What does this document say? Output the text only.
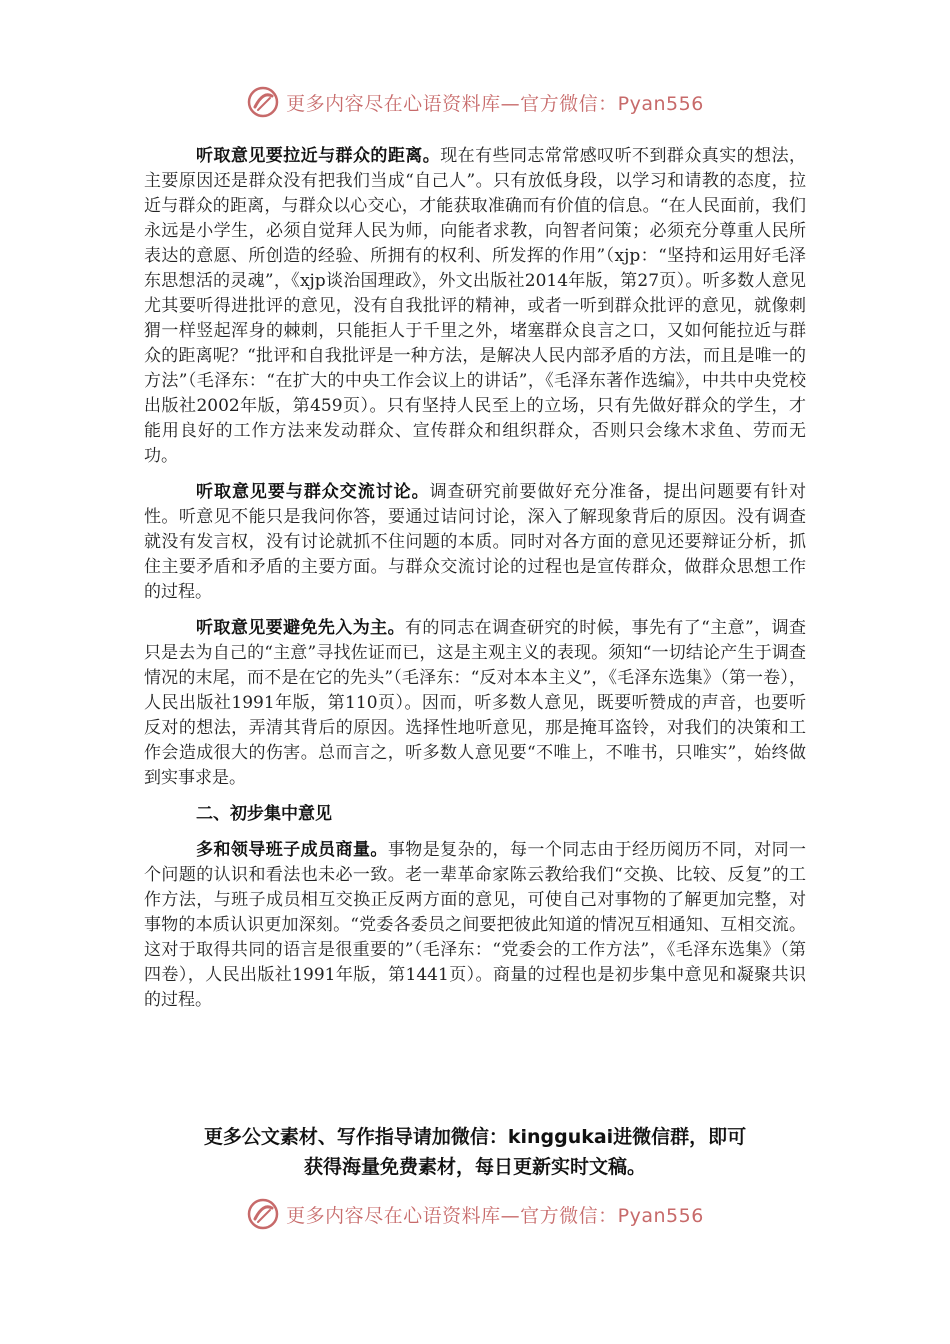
更多内容尽在心语资料库—官方微信：Pyan556

听取意见要拉近与群众的距离。现在有些同志常常感叹听不到群众真实的想法，主要原因还是群众没有把我们当成“自己人”。只有放低身段，以学习和请教的态度，拉近与群众的距离，与群众以心交心，才能获取准确而有价值的信息。“在人民面前，我们永远是小学生，必须自觉拜人民为师，向能者求教，向智者问策；必须充分尊重人民所表达的意愿、所创造的经验、所拥有的权利、所发挥的作用”（xjp：“坚持和运用好毛泽东思想活的灵魂”，《xjp谈治国理政》，外文出版社2014年版，第27页）。听多数人意见尤其要听得进批评的意见，没有自我批评的精神，或者一听到群众批评的意见，就像刺猬一样竖起浑身的棘刺，只能拒人于千里之外，堵塞群众良言之口，又如何能拉近与群众的距离呢？“批评和自我批评是一种方法，是解决人民内部矛盾的方法，而且是唯一的方法”（毛泽东：“在扩大的中央工作会议上的讲话”，《毛泽东著作选编》，中共中央党校出版社2002年版，第459页）。只有坚持人民至上的立场，只有先做好群众的学生，才能用良好的工作方法来发动群众、宣传群众和组织群众，否则只会缘木求鱼、劳而无功。

听取意见要与群众交流讨论。调查研究前要做好充分准备，提出问题要有针对性。听意见不能只是我问你答，要通过诘问讨论，深入了解现象背后的原因。没有调查就没有发言权，没有讨论就抓不住问题的本质。同时对各方面的意见还要辩证分析，抓住主要矛盾和矛盾的主要方面。与群众交流讨论的过程也是宣传群众，做群众思想工作的过程。

听取意见要避免先入为主。有的同志在调查研究的时候，事先有了“主意”，调查只是去为自己的“主意”寻找佐证而已，这是主观主义的表现。须知“一切结论产生于调查情况的末尾，而不是在它的先头”（毛泽东：“反对本本主义”，《毛泽东选集》（第一卷），人民出版社1991年版，第110页）。因而，听多数人意见，既要听赞成的声音，也要听反对的想法，弄清其背后的原因。选择性地听意见，那是掩耳盗铃，对我们的决策和工作会造成很大的伤害。总而言之，听多数人意见要“不唯上，不唯书，只唯实”，始终做到实事求是。

二、初步集中意见

多和领导班子成员商量。事物是复杂的，每一个同志由于经历阅历不同，对同一个问题的认识和看法也未必一致。老一辈革命家陈云教给我们“交换、比较、反复”的工作方法，与班子成员相互交换正反两方面的意见，可使自己对事物的了解更加完整，对事物的本质认识更加深刻。“党委各委员之间要把彼此知道的情况互相通知、互相交流。这对于取得共同的语言是很重要的”（毛泽东：“党委会的工作方法”，《毛泽东选集》（第四卷），人民出版社1991年版，第1441页）。商量的过程也是初步集中意见和凝聚共识的过程。

更多公文素材、写作指导请加微信：kinggukai进微信群，即可
获得海量免费素材，每日更新实时文稿。
更多内容尽在心语资料库—官方微信：Pyan556
